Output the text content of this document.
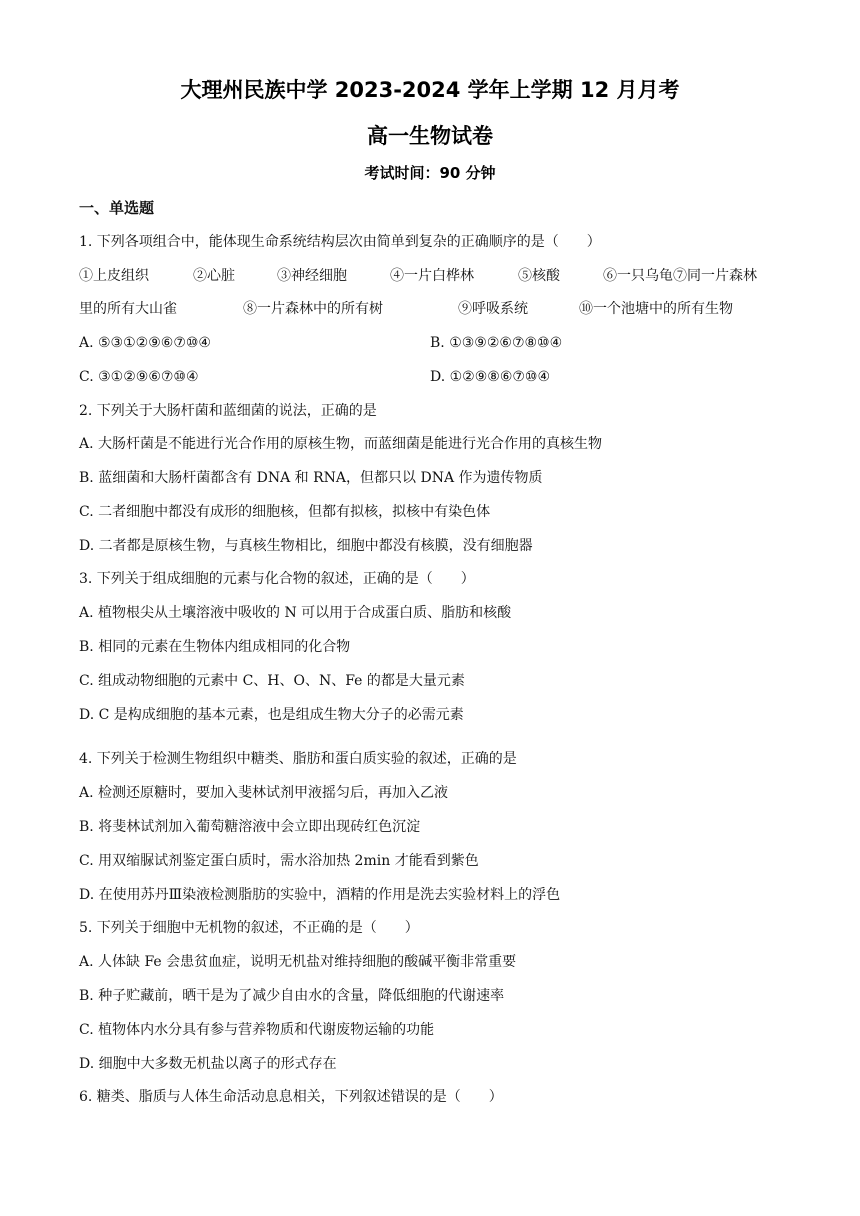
大理州民族中学 2023-2024 学年上学期 12 月月考
高一生物试卷
考试时间：90 分钟
一、单选题
1. 下列各项组合中，能体现生命系统结构层次由简单到复杂的正确顺序的是（　　）
①上皮组织	②心脏	③神经细胞	④一片白桦林	⑤核酸	⑥一只乌龟⑦同一片森林
里的所有大山雀	⑧一片森林中的所有树	⑨呼吸系统	⑩一个池塘中的所有生物
A. ⑤③①②⑨⑥⑦⑩④	B. ①③⑨②⑥⑦⑧⑩④
C. ③①②⑨⑥⑦⑩④	D. ①②⑨⑧⑥⑦⑩④
2. 下列关于大肠杆菌和蓝细菌的说法，正确的是
A. 大肠杆菌是不能进行光合作用的原核生物，而蓝细菌是能进行光合作用的真核生物
B. 蓝细菌和大肠杆菌都含有 DNA 和 RNA，但都只以 DNA 作为遗传物质
C. 二者细胞中都没有成形的细胞核，但都有拟核，拟核中有染色体
D. 二者都是原核生物，与真核生物相比，细胞中都没有核膜，没有细胞器
3. 下列关于组成细胞的元素与化合物的叙述，正确的是（　　）
A. 植物根尖从土壤溶液中吸收的 N 可以用于合成蛋白质、脂肪和核酸
B. 相同的元素在生物体内组成相同的化合物
C. 组成动物细胞的元素中 C、H、O、N、Fe 的都是大量元素
D. C 是构成细胞的基本元素，也是组成生物大分子的必需元素
4. 下列关于检测生物组织中糖类、脂肪和蛋白质实验的叙述，正确的是
A. 检测还原糖时，要加入斐林试剂甲液摇匀后，再加入乙液
B. 将斐林试剂加入葡萄糖溶液中会立即出现砖红色沉淀
C. 用双缩脲试剂鉴定蛋白质时，需水浴加热 2min 才能看到紫色
D. 在使用苏丹Ⅲ染液检测脂肪的实验中，酒精的作用是洗去实验材料上的浮色
5. 下列关于细胞中无机物的叙述，不正确的是（　　）
A. 人体缺 Fe 会患贫血症，说明无机盐对维持细胞的酸碱平衡非常重要
B. 种子贮藏前，晒干是为了减少自由水的含量，降低细胞的代谢速率
C. 植物体内水分具有参与营养物质和代谢废物运输的功能
D. 细胞中大多数无机盐以离子的形式存在
6. 糖类、脂质与人体生命活动息息相关，下列叙述错误的是（　　）
